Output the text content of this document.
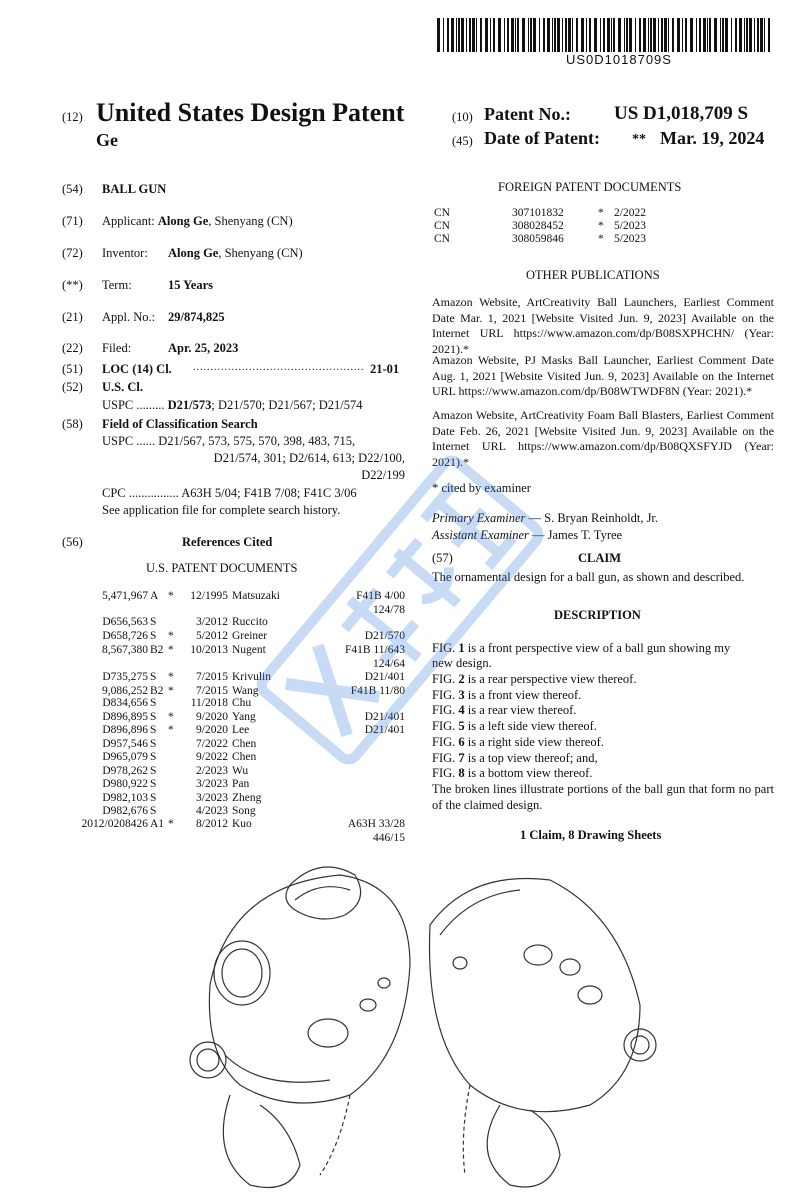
US0D1018709S
(12) United States Design Patent
Ge
(10) Patent No.: US D1,018,709 S
(45) Date of Patent: ** Mar. 19, 2024
(54) BALL GUN
(71) Applicant: Along Ge, Shenyang (CN)
(72) Inventor: Along Ge, Shenyang (CN)
(**) Term:	15 Years
(21) Appl. No.: 29/874,825
(22) Filed:	Apr. 25, 2023
(51) LOC (14) Cl. ................................................. 21-01
(52) U.S. Cl.
USPC ......... D21/573; D21/570; D21/567; D21/574
(58) Field of Classification Search
USPC ...... D21/567, 573, 575, 570, 398, 483, 715,
D21/574, 301; D2/614, 613; D22/100,
D22/199
CPC ................ A63H 5/04; F41B 7/08; F41C 3/06
See application file for complete search history.
(56)	References Cited
U.S. PATENT DOCUMENTS
5,471,967 A *	12/1995 Matsuzaki	F41B 4/00
124/78
D656,563 S	3/2012 Ruccito
D658,726 S *	5/2012 Greiner	D21/570
8,567,380 B2 *	10/2013 Nugent	F41B 11/643
124/64
D735,275 S *	7/2015 Krivulin	D21/401
9,086,252 B2 *	7/2015 Wang	F41B 11/80
D834,656 S	11/2018 Chu
D896,895 S *	9/2020 Yang	D21/401
D896,896 S *	9/2020 Lee	D21/401
D957,546 S	7/2022 Chen
D965,079 S	9/2022 Chen
D978,262 S	2/2023 Wu
D980,922 S	3/2023 Pan
D982,103 S	3/2023 Zheng
D982,676 S	4/2023 Song
2012/0208426 A1 *	8/2012 Kuo	A63H 33/28
446/15
FOREIGN PATENT DOCUMENTS
CN	307101832	* 2/2022
CN	308028452	* 5/2023
CN	308059846	* 5/2023
OTHER PUBLICATIONS
Amazon Website, ArtCreativity Ball Launchers, Earliest Comment Date Mar. 1, 2021 [Website Visited Jun. 9, 2023] Available on the Internet URL https://www.amazon.com/dp/B08SXPHCHN/ (Year: 2021).*
Amazon Website, PJ Masks Ball Launcher, Earliest Comment Date Aug. 1, 2021 [Website Visited Jun. 9, 2023] Available on the Internet URL https://www.amazon.com/dp/B08WTWDF8N (Year: 2021).*
Amazon Website, ArtCreativity Foam Ball Blasters, Earliest Comment Date Feb. 26, 2021 [Website Visited Jun. 9, 2023] Available on the Internet URL https://www.amazon.com/dp/B08QXSFYJD (Year: 2021).*
* cited by examiner
Primary Examiner — S. Bryan Reinholdt, Jr.
Assistant Examiner — James T. Tyree
(57)	CLAIM
The ornamental design for a ball gun, as shown and described.
DESCRIPTION
FIG. 1 is a front perspective view of a ball gun showing my
new design.
FIG. 2 is a rear perspective view thereof.
FIG. 3 is a front view thereof.
FIG. 4 is a rear view thereof.
FIG. 5 is a left side view thereof.
FIG. 6 is a right side view thereof.
FIG. 7 is a top view thereof; and,
FIG. 8 is a bottom view thereof.
The broken lines illustrate portions of the ball gun that form no part of the claimed design.
1 Claim, 8 Drawing Sheets
